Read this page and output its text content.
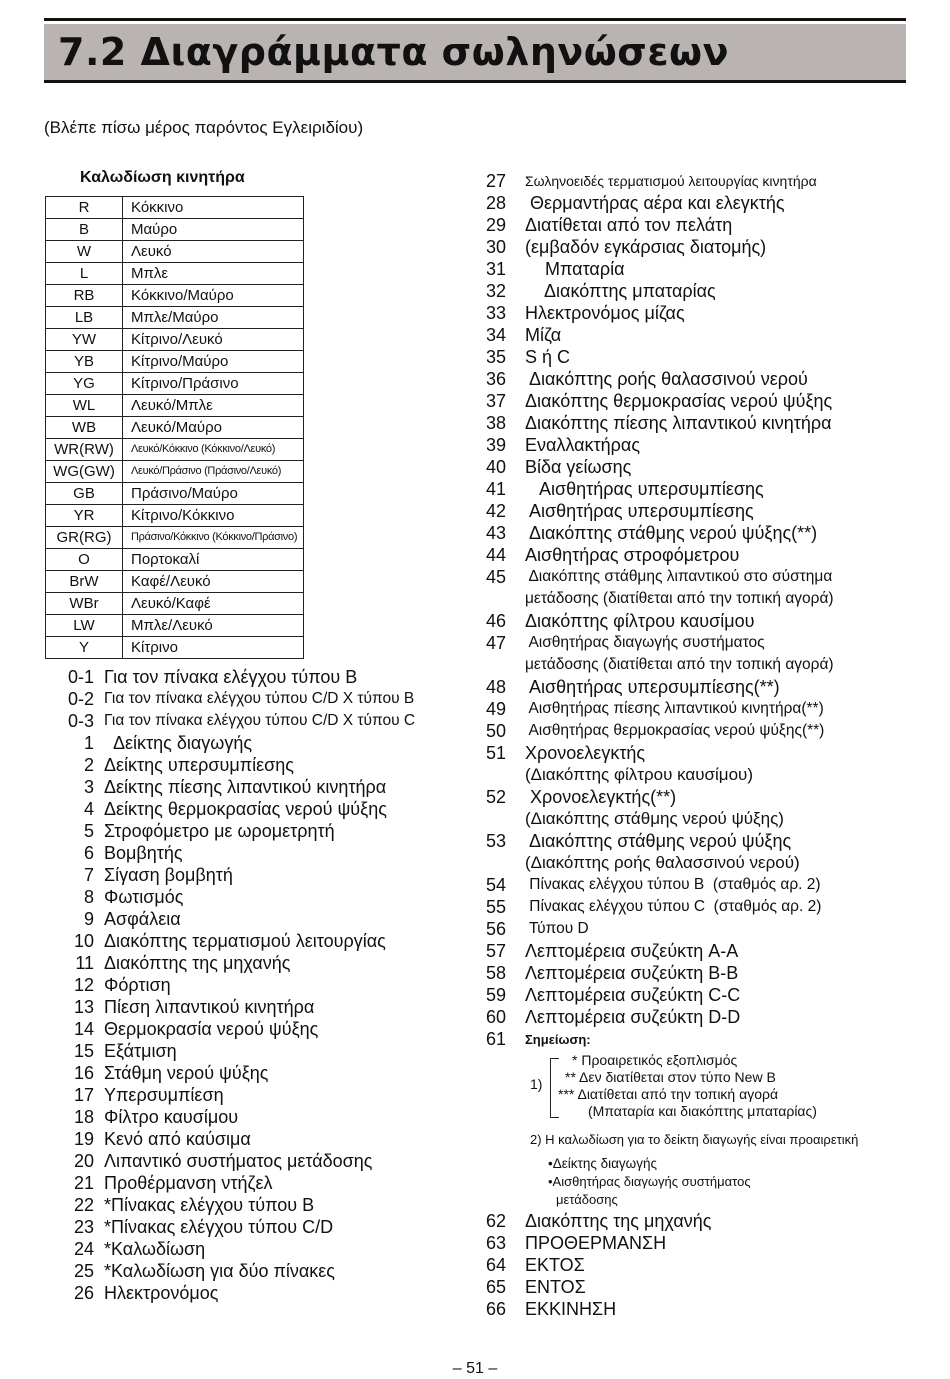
7.2 Διαγράμματα σωληνώσεων
(Βλέπε πίσω μέρος παρόντος Εγλειριδίου)
Καλωδίωση κινητήρα
R	Κόκκινο
B	Μαύρο
W	Λευκό
L	Μπλε
RB	Κόκκινο/Μαύρο
LB	Μπλε/Μαύρο
YW	Κίτρινο/Λευκό
YB	Κίτρινο/Μαύρο
YG	Κίτρινο/Πράσινο
WL	Λευκό/Μπλε
WB	Λευκό/Μαύρο
WR(RW)	Λευκό/Κόκκινο (Κόκκινο/Λευκό)
WG(GW)	Λευκό/Πράσινο (Πράσινο/Λευκό)
GB	Πράσινο/Μαύρο
YR	Κίτρινο/Κόκκινο
GR(RG)	Πράσινο/Κόκκινο (Κόκκινο/Πράσινο)
O	Πορτοκαλί
BrW	Καφέ/Λευκό
WBr	Λευκό/Καφέ
LW	Μπλε/Λευκό
Y	Κίτρινο
0-1 Για τον πίνακα ελέγχου τύπου B
0-2 Για τον πίνακα ελέγχου τύπου C/D Χ τύπου B
0-3 Για τον πίνακα ελέγχου τύπου C/D Χ τύπου C
1 Δείκτης διαγωγής
2 Δείκτης υπερσυμπίεσης
3 Δείκτης πίεσης λιπαντικού κινητήρα
4 Δείκτης θερμοκρασίας νερού ψύξης
5 Στροφόμετρο με ωρομετρητή
6 Βομβητής
7 Σίγαση βομβητή
8 Φωτισμός
9 Ασφάλεια
10 Διακόπτης τερματισμού λειτουργίας
11 Διακόπτης της μηχανής
12 Φόρτιση
13 Πίεση λιπαντικού κινητήρα
14 Θερμοκρασία νερού ψύξης
15 Εξάτμιση
16 Στάθμη νερού ψύξης
17 Υπερσυμπίεση
18 Φίλτρο καυσίμου
19 Κενό από καύσιμα
20 Λιπαντικό συστήματος μετάδοσης
21 Προθέρμανση ντήζελ
22 *Πίνακας ελέγχου τύπου B
23 *Πίνακας ελέγχου τύπου C/D
24 *Καλωδίωση
25 *Καλωδίωση για δύο πίνακες
26 Ηλεκτρονόμος
27	Σωληνοειδές τερματισμού λειτουργίας κινητήρα
28	Θερμαντήρας αέρα και ελεγκτής
29	Διατίθεται από τον πελάτη
30	(εμβαδόν εγκάρσιας διατομής)
31	Μπαταρία
32	Διακόπτης μπαταρίας
33	Ηλεκτρονόμος μίζας
34	Μίζα
35	S ή C
36	Διακόπτης ροής θαλασσινού νερού
37	Διακόπτης θερμοκρασίας νερού ψύξης
38	Διακόπτης πίεσης λιπαντικού κινητήρα
39	Εναλλακτήρας
40	Βίδα γείωσης
41	Αισθητήρας υπερσυμπίεσης
42	Αισθητήρας υπερσυμπίεσης
43	Διακόπτης στάθμης νερού ψύξης(**)
44	Αισθητήρας στροφόμετρου
45	Διακόπτης στάθμης λιπαντικού στο σύστημα
μετάδοσης (διατίθεται από την τοπική αγορά)
46	Διακόπτης φίλτρου καυσίμου
47	Αισθητήρας διαγωγής συστήματος
μετάδοσης (διατίθεται από την τοπική αγορά)
48	Αισθητήρας υπερσυμπίεσης(**)
49	Αισθητήρας πίεσης λιπαντικού κινητήρα(**)
50	Αισθητήρας θερμοκρασίας νερού ψύξης(**)
51	Χρονοελεγκτής
(Διακόπτης φίλτρου καυσίμου)
52	Χρονοελεγκτής(**)
(Διακόπτης στάθμης νερού ψύξης)
53	Διακόπτης στάθμης νερού ψύξης
(Διακόπτης ροής θαλασσινού νερού)
54	Πίνακας ελέγχου τύπου B  (σταθμός αρ. 2)
55	Πίνακας ελέγχου τύπου C  (σταθμός αρ. 2)
56	Τύπου D
57	Λεπτομέρεια συζεύκτη A-A
58	Λεπτομέρεια συζεύκτη B-B
59	Λεπτομέρεια συζεύκτη C-C
60	Λεπτομέρεια συζεύκτη D-D
61	Σημείωση:
1)
* Προαιρετικός εξοπλισμός
** Δεν διατίθεται στον τύπο New B
*** Διατίθεται από την τοπική αγορά
(Μπαταρία και διακόπτης μπαταρίας)
2) Η καλωδίωση για το δείκτη διαγωγής είναι προαιρετική
•Δείκτης διαγωγής
•Αισθητήρας διαγωγής συστήματος
μετάδοσης
62	Διακόπτης της μηχανής
63	ΠΡΟΘΕΡΜΑΝΣΗ
64	ΕΚΤΟΣ
65	ΕΝΤΟΣ
66	ΕΚΚΙΝΗΣΗ
– 51 –
